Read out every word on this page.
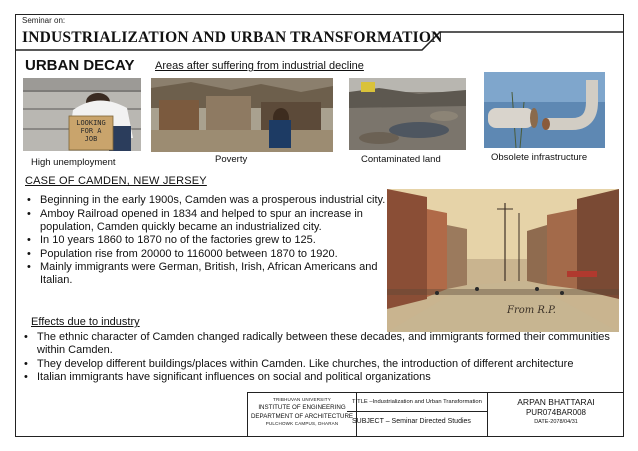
Seminar on:
INDUSTRIALIZATION AND URBAN TRANSFORMATION
URBAN DECAY Areas after suffering from industrial decline
LOOKING
FOR A
JOB
High unemployment	Poverty	Contaminated land	Obsolete infrastructure
CASE OF CAMDEN, NEW JERSEY
• Beginning in the early 1900s, Camden was a prosperous industrial city.
• Amboy Railroad opened in 1834 and helped to spur an increase in population, Camden quickly became an industrialized city.
• In 10 years 1860 to 1870 no of the factories grew to 125.
• Population rise from 20000 to 116000 between 1870 to 1920.
• Mainly immigrants were German, British, Irish, African Americans and Italian.
From R.P.
Effects due to industry
• The ethnic character of Camden changed radically between these decades, and immigrants formed their communities within Camden.
• They develop different buildings/places within Camden. Like churches, the introduction of different architecture
• Italian immigrants have significant influences on social and political organizations
TRIBHUVAN UNIVERSITY
INSTITUTE OF ENGINEERING
DEPARTMENT OF ARCHITECTURE
PULCHOWK CAMPUS, DHARAN
TITLE –Industrialization and Urban Transformation
SUBJECT – Seminar Directed Studies
ARPAN BHATTARAI
PUR074BAR008
DATE-2078/04/31
